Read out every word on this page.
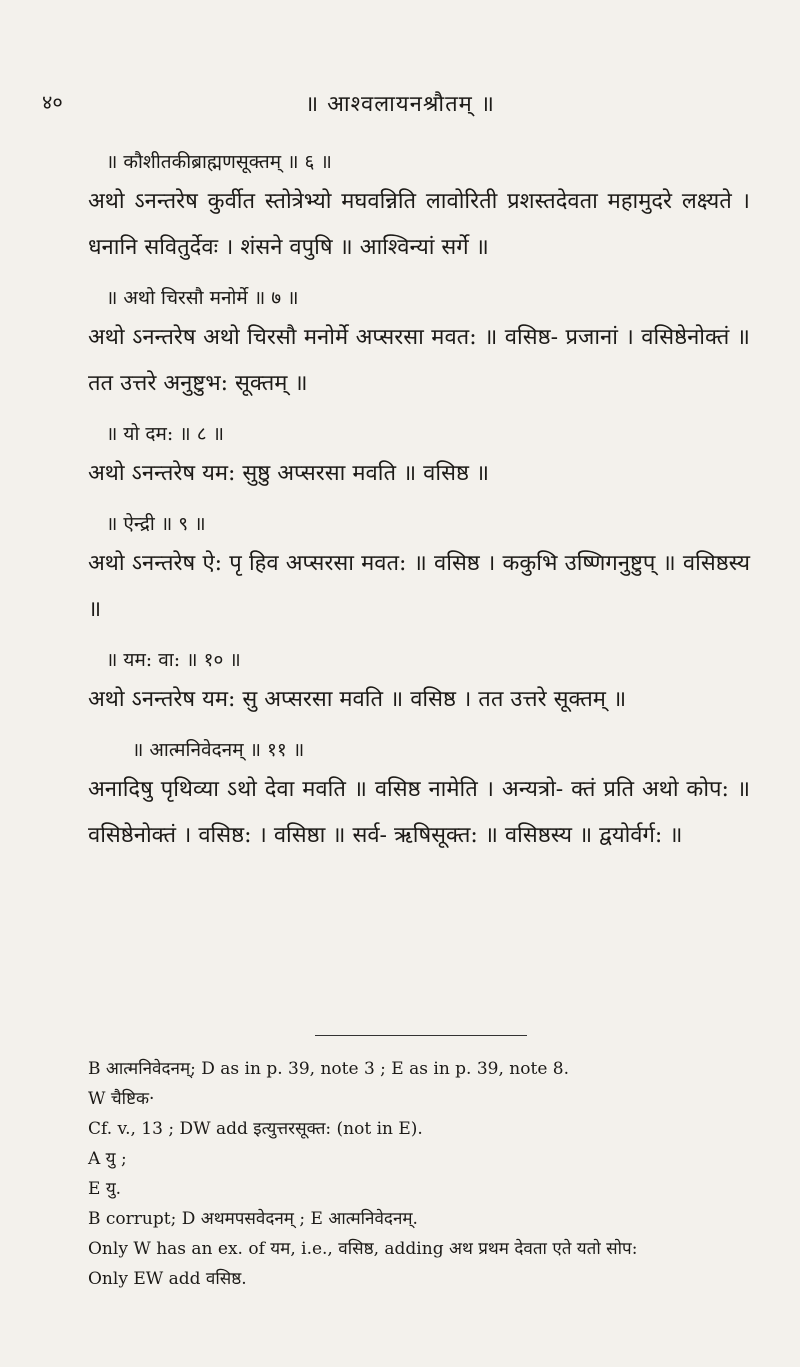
४०	॥ आश्वलायनश्रौतम् ॥
॥ कौशीतकीब्राह्मणसूक्तम् ॥ ६ ॥
अथो ऽनन्तरेष कुर्वीत स्तोत्रेभ्यो मघवन्निति लावोरिती प्रशस्तदेवता महामुदरे लक्ष्यते । धनानि सवितुर्देवः । शंसने वपुषि ॥ आश्विन्यां सर्गे ॥
॥ अथो चिरसौ मनोर्मे ॥ ७ ॥
अथो ऽनन्तरेष अथो चिरसौ मनोर्मे अप्सरसा मवत: ॥ वसिष्ठ- प्रजानां । वसिष्ठेनोक्तं ॥ तत उत्तरे अनुष्टुभ: सूक्तम् ॥
॥ यो दम: ॥ ८ ॥
अथो ऽनन्तरेष यम: सुष्ठु अप्सरसा मवति ॥ वसिष्ठ ॥
॥ ऐन्द्री ॥ ९ ॥
अथो ऽनन्तरेष ऐ: पृ हिव अप्सरसा मवत: ॥ वसिष्ठ । ककुभि उष्णिगनुष्टुप् ॥ वसिष्ठस्य ॥
॥ यम: वा: ॥ १० ॥
अथो ऽनन्तरेष यम: सु अप्सरसा मवति ॥ वसिष्ठ । तत उत्तरे सूक्तम् ॥
॥ आत्मनिवेदनम् ॥ ११ ॥
अनादिषु पृथिव्या ऽथो देवा मवति ॥ वसिष्ठ नामेति । अन्यत्रो- क्तं प्रति अथो कोप: ॥ वसिष्ठेनोक्तं । वसिष्ठ: । वसिष्ठा ॥ सर्व- ऋषिसूक्त: ॥ वसिष्ठस्य ॥ द्वयोर्वर्ग: ॥

B आत्मनिवेदनम्; D as in p. 39, note 3 ; E as in p. 39, note 8.

W चैष्टिक·

Cf. v., 13 ; DW add इत्युत्तरसूक्त: (not in E).

A यु ;

E यु.

B corrupt; D अथमपसवेदनम् ; E आत्मनिवेदनम्.

Only W has an ex. of यम, i.e., वसिष्ठ, adding अथ प्रथम देवता एते यतो सोप:

Only EW add वसिष्ठ.
